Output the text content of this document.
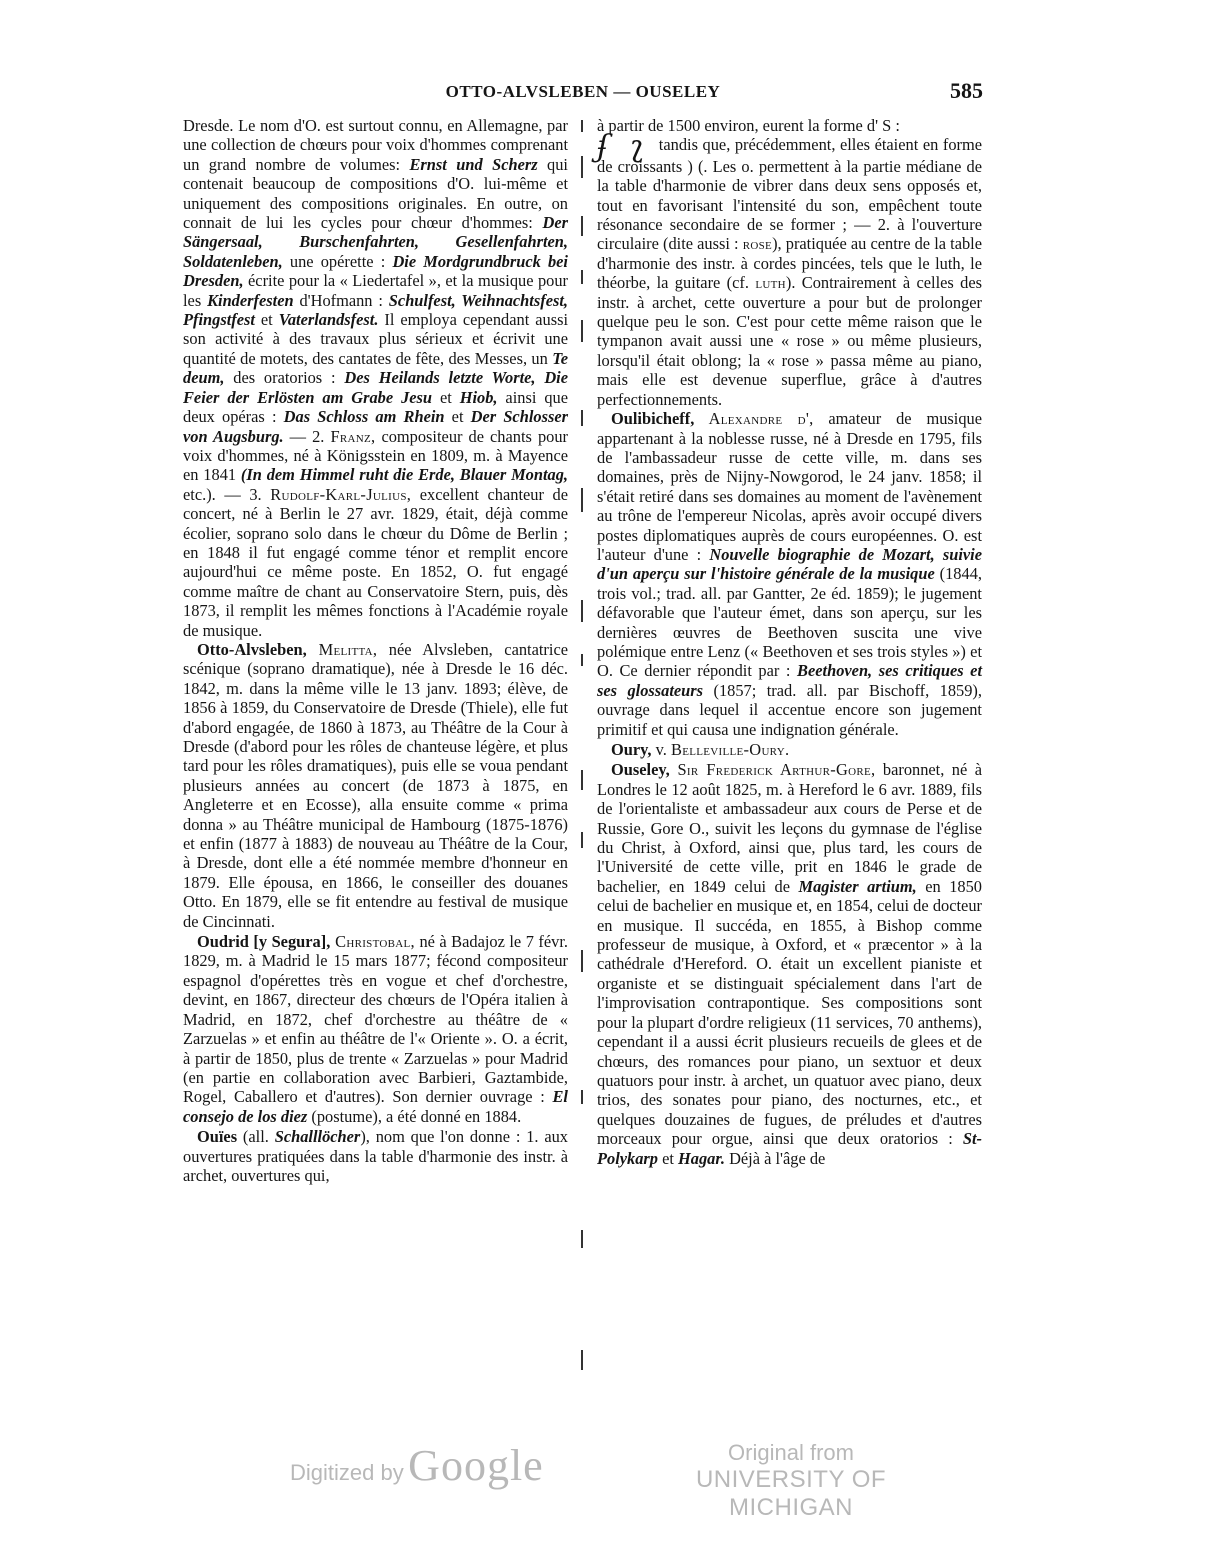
OTTO-ALVSLEBEN — OUSELEY	585

Dresde. Le nom d'O. est surtout connu, en Allemagne, par une collection de chœurs pour voix d'hommes comprenant un grand nombre de volumes: Ernst und Scherz qui contenait beaucoup de compositions d'O. lui-même et uniquement des compositions originales. En outre, on connait de lui les cycles pour chœur d'hommes: Der Sängersaal, Burschenfahrten, Gesellenfahrten, Soldatenleben, une opérette : Die Mordgrundbruck bei Dresden, écrite pour la « Liedertafel », et la musique pour les Kinderfesten d'Hofmann : Schulfest, Weihnachtsfest, Pfingstfest et Vaterlandsfest. Il employa cependant aussi son activité à des travaux plus sérieux et écrivit une quantité de motets, des cantates de fête, des Messes, un Te deum, des oratorios : Des Heilands letzte Worte, Die Feier der Erlösten am Grabe Jesu et Hiob, ainsi que deux opéras : Das Schloss am Rhein et Der Schlosser von Augsburg. — 2. Franz, compositeur de chants pour voix d'hommes, né à Königsstein en 1809, m. à Mayence en 1841 (In dem Himmel ruht die Erde, Blauer Montag, etc.). — 3. Rudolf-Karl-Julius, excellent chanteur de concert, né à Berlin le 27 avr. 1829, était, déjà comme écolier, soprano solo dans le chœur du Dôme de Berlin ; en 1848 il fut engagé comme ténor et remplit encore aujourd'hui ce même poste. En 1852, O. fut engagé comme maître de chant au Conservatoire Stern, puis, dès 1873, il remplit les mêmes fonctions à l'Académie royale de musique.

Otto-Alvsleben, Melitta, née Alvsleben, cantatrice scénique (soprano dramatique), née à Dresde le 16 déc. 1842, m. dans la même ville le 13 janv. 1893; élève, de 1856 à 1859, du Conservatoire de Dresde (Thiele), elle fut d'abord engagée, de 1860 à 1873, au Théâtre de la Cour à Dresde (d'abord pour les rôles de chanteuse légère, et plus tard pour les rôles dramatiques), puis elle se voua pendant plusieurs années au concert (de 1873 à 1875, en Angleterre et en Ecosse), alla ensuite comme « prima donna » au Théâtre municipal de Hambourg (1875-1876) et enfin (1877 à 1883) de nouveau au Théâtre de la Cour, à Dresde, dont elle a été nommée membre d'honneur en 1879. Elle épousa, en 1866, le conseiller des douanes Otto. En 1879, elle se fit entendre au festival de musique de Cincinnati.

Oudrid [y Segura], Christobal, né à Badajoz le 7 févr. 1829, m. à Madrid le 15 mars 1877; fécond compositeur espagnol d'opérettes très en vogue et chef d'orchestre, devint, en 1867, directeur des chœurs de l'Opéra italien à Madrid, en 1872, chef d'orchestre au théâtre de « Zarzuelas » et enfin au théâtre de l'« Oriente ». O. a écrit, à partir de 1850, plus de trente « Zarzuelas » pour Madrid (en partie en collaboration avec Barbieri, Gaztambide, Rogel, Caballero et d'autres). Son dernier ouvrage : El consejo de los diez (postume), a été donné en 1884.

Ouïes (all. Schalllöcher), nom que l'on donne : 1. aux ouvertures pratiquées dans la table d'harmonie des instr. à archet, ouvertures qui,

à partir de 1500 environ, eurent la forme d' S :
ʄ ʅ tandis que, précédemment, elles étaient en forme de croissants ) (. Les o. permettent à la partie médiane de la table d'harmonie de vibrer dans deux sens opposés et, tout en favorisant l'intensité du son, empêchent toute résonance secondaire de se former ; — 2. à l'ouverture circulaire (dite aussi : rose), pratiquée au centre de la table d'harmonie des instr. à cordes pincées, tels que le luth, le théorbe, la guitare (cf. luth). Contrairement à celles des instr. à archet, cette ouverture a pour but de prolonger quelque peu le son. C'est pour cette même raison que le tympanon avait aussi une « rose » ou même plusieurs, lorsqu'il était oblong; la « rose » passa même au piano, mais elle est devenue superflue, grâce à d'autres perfectionnements.

Oulibicheff, Alexandre d', amateur de musique appartenant à la noblesse russe, né à Dresde en 1795, fils de l'ambassadeur russe de cette ville, m. dans ses domaines, près de Nijny-Nowgorod, le 24 janv. 1858; il s'était retiré dans ses domaines au moment de l'avènement au trône de l'empereur Nicolas, après avoir occupé divers postes diplomatiques auprès de cours européennes. O. est l'auteur d'une : Nouvelle biographie de Mozart, suivie d'un aperçu sur l'histoire générale de la musique (1844, trois vol.; trad. all. par Gantter, 2e éd. 1859); le jugement défavorable que l'auteur émet, dans son aperçu, sur les dernières œuvres de Beethoven suscita une vive polémique entre Lenz (« Beethoven et ses trois styles ») et O. Ce dernier répondit par : Beethoven, ses critiques et ses glossateurs (1857; trad. all. par Bischoff, 1859), ouvrage dans lequel il accentue encore son jugement primitif et qui causa une indignation générale.

Oury, v. Belleville-Oury.

Ouseley, Sir Frederick Arthur-Gore, baronnet, né à Londres le 12 août 1825, m. à Hereford le 6 avr. 1889, fils de l'orientaliste et ambassadeur aux cours de Perse et de Russie, Gore O., suivit les leçons du gymnase de l'église du Christ, à Oxford, ainsi que, plus tard, les cours de l'Université de cette ville, prit en 1846 le grade de bachelier, en 1849 celui de Magister artium, en 1850 celui de bachelier en musique et, en 1854, celui de docteur en musique. Il succéda, en 1855, à Bishop comme professeur de musique, à Oxford, et « præcentor » à la cathédrale d'Hereford. O. était un excellent pianiste et organiste et se distinguait spécialement dans l'art de l'improvisation contrapontique. Ses compositions sont pour la plupart d'ordre religieux (11 services, 70 anthems), cependant il a aussi écrit plusieurs recueils de glees et de chœurs, des romances pour piano, un sextuor et deux quatuors pour instr. à archet, un quatuor avec piano, deux trios, des sonates pour piano, des nocturnes, etc., et quelques douzaines de fugues, de préludes et d'autres morceaux pour orgue, ainsi que deux oratorios : St-Polykarp et Hagar. Déjà à l'âge de

Digitized by Google	Original from
UNIVERSITY OF MICHIGAN
